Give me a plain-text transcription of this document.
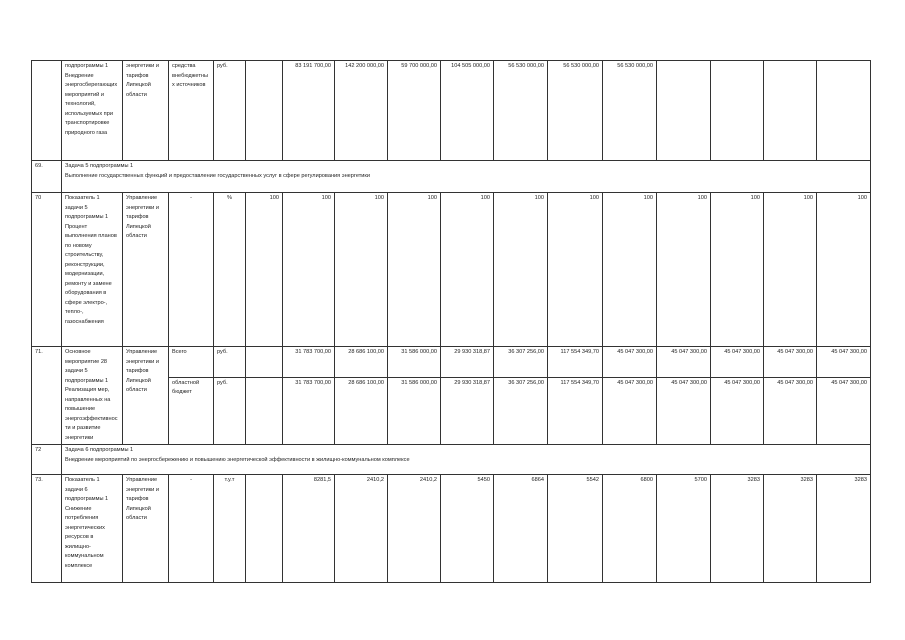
	подпрограммы 1 Внедрение энергосберегающих мероприятий и технологий, используемых при транспортировке природного газа	энергетики и тарифов Липецкой области	средства внебюджетных источников	руб.		83 191 700,00	142 200 000,00	59 700 000,00	104 505 000,00	56 530 000,00	56 530 000,00	56 530 000,00				
69.	Задача 5 подпрограммы 1
Выполнение государственных функций и предоставление государственных услуг в сфере регулирования энергетики															

70	Показатель 1 задачи 5 подпрограммы 1 Процент выполнения планов по новому строительству, реконструкции, модернизации, ремонту и замене оборудования в сфере электро-, тепло-, газоснабжения	Управление энергетики и тарифов Липецкой области	-	%	100	100	100	100	100	100	100	100	100	100	100	100
71.	Основное мероприятие 28 задачи 5 подпрограммы 1 Реализация мер, направленных на повышение энергоэффективности и развитие энергетики	Управление энергетики и тарифов Липецкой области	Всего	руб.		31 783 700,00	28 686 100,00	31 586 000,00	29 930 318,87	36 307 256,00	117 554 349,70	45 047 300,00	45 047 300,00	45 047 300,00	45 047 300,00	45 047 300,00
			областной бюджет	руб.		31 783 700,00	28 686 100,00	31 586 000,00	29 930 318,87	36 307 256,00	117 554 349,70	45 047 300,00	45 047 300,00	45 047 300,00	45 047 300,00	45 047 300,00
72	Задача 6 подпрограммы 1
Внедрение мероприятий по энергосбережению и повышению энергетической эффективности в жилищно-коммунальном комплексе															

73.	Показатель 1 задачи 6 подпрограммы 1 Снижение потребления энергетических ресурсов в жилищно-коммунальном комплексе	Управление энергетики и тарифов Липецкой области	-	т.у.т		8281,5	2410,2	2410,2	5450	6864	5542	6800	5700	3283	3283	3283
